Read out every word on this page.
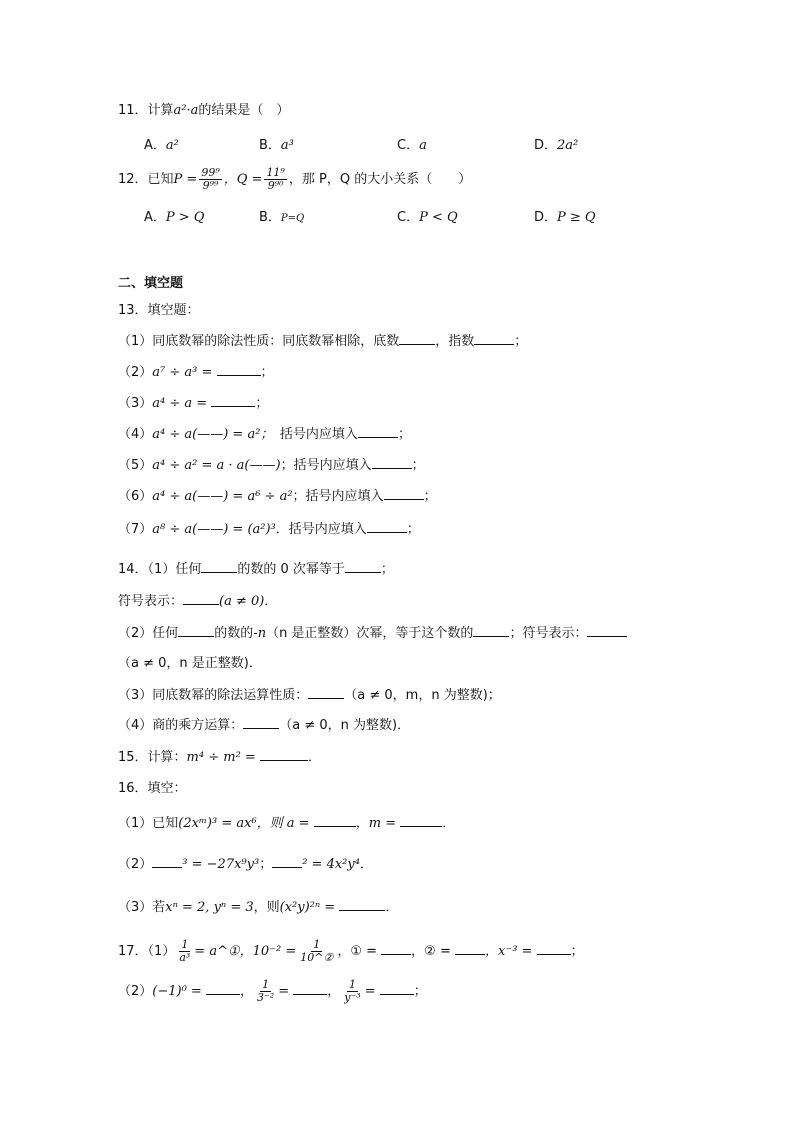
11．计算a²·a的结果是（　）
A．a²	B．a³	C．a	D．2a²
12．已知$P = \frac{\text{99⁹}}{\text{9⁹⁹}}$ ，$Q = \frac{\text{11⁹}}{\text{9⁹⁰}}$ ，那 P，Q 的大小关系（　　）
A．P > Q	B．P=Q	C．P < Q	D．P ≥ Q
二、填空题
13．填空题：
（1）同底数幂的除法性质：同底数幂相除，底数	，指数	；
（2）a⁷ ÷ a³ =	；
（3）a⁴ ÷ a =	；
（4）a⁴ ÷ a(——) = a²；　括号内应填入	；
（5）a⁴ ÷ a² = a · a(——)；括号内应填入	；
（6）a⁴ ÷ a(——) = a⁶ ÷ a²；括号内应填入	；
（7）a⁸ ÷ a(——) = (a²)³．括号内应填入	；
14．（1）任何	的数的 0 次幂等于	；
符号表示：	(a ≠ 0)．
（2）任何	的数的-n（n 是正整数）次幂，等于这个数的	；符号表示：
（a ≠ 0，n 是正整数)．
（3）同底数幂的除法运算性质：	（a ≠ 0，m，n 为整数)；
（4）商的乘方运算：	（a ≠ 0，n 为整数)．
15．计算：m⁴ ÷ m² =	．
16．填空：
（1）已知(2xᵐ)³ = ax⁶，则 a =	，m =	．
（2） ³ = −27x⁹y³； ² = 4x²y⁴．
（3）若xⁿ = 2, yⁿ = 3，则(x²y)²ⁿ =	．
17．$(1) \frac{1}{\text{a³}}$ = a^①，$10^{-2} = \frac{1}{\text{10\textasciicircum{}②}}$ ，① =	，② =	，x⁻³ =	；
（2）(−1)⁰ =	， $\frac{1}{\text{3⁻²}}$ =	， $\frac{1}{\text{y⁻³}}$ =	；
